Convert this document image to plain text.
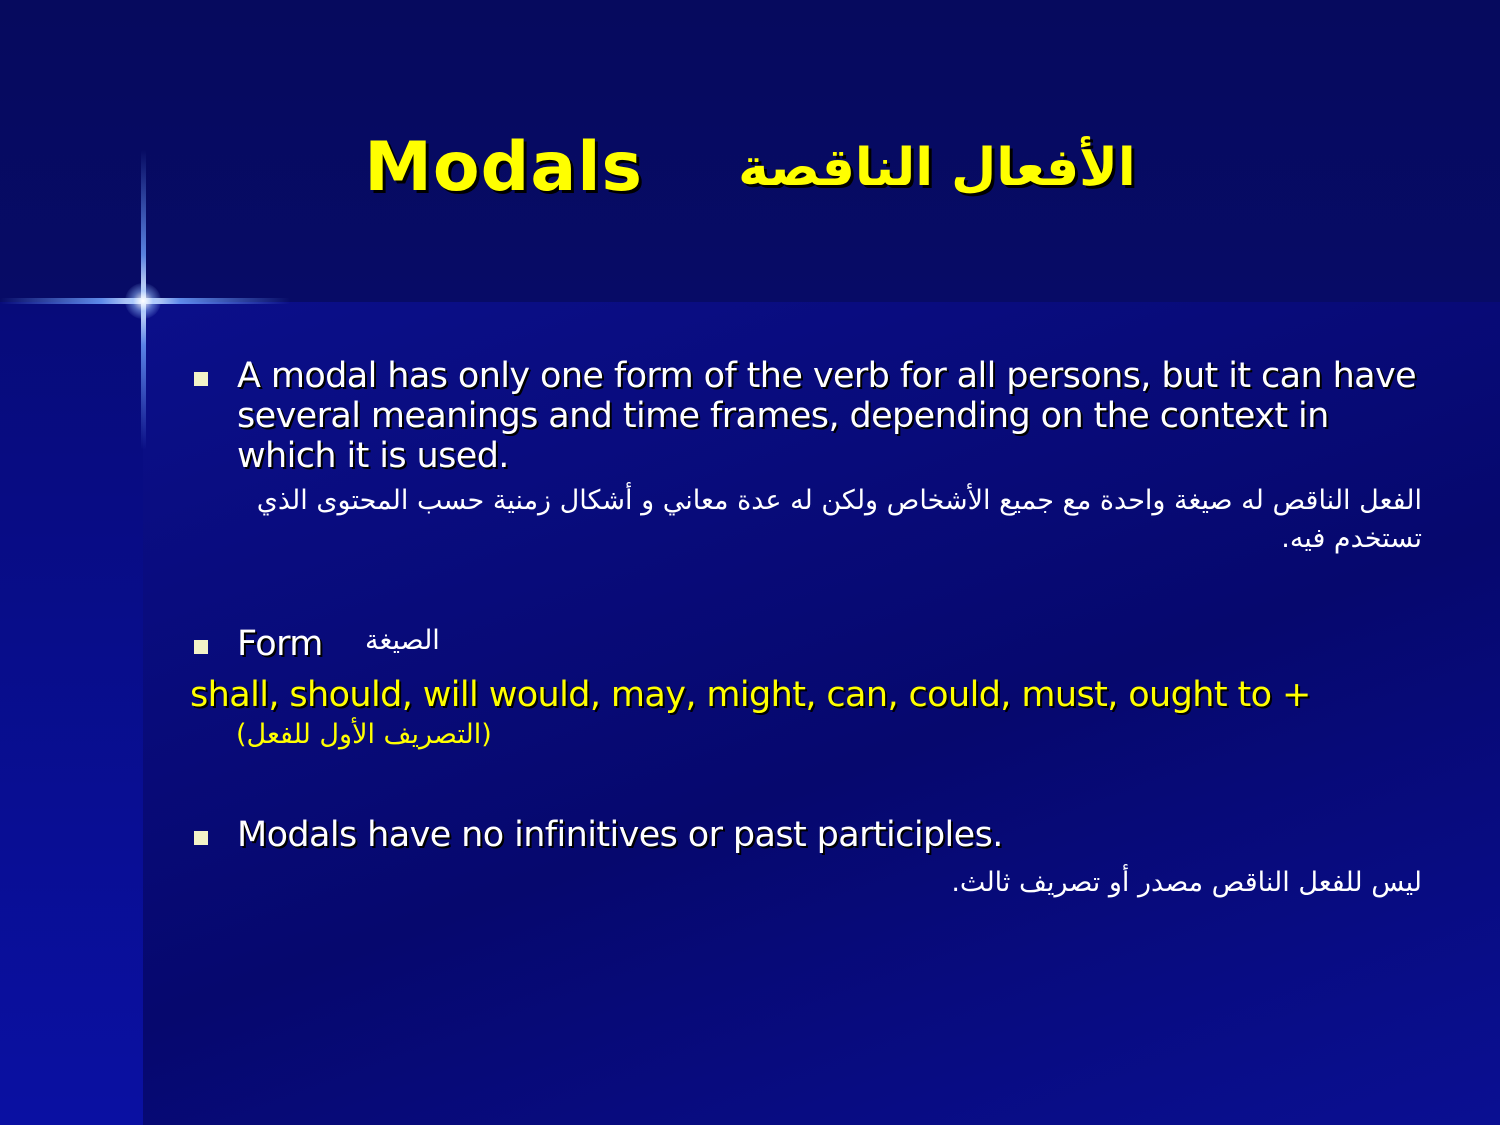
Modals الأفعال الناقصة
A modal has only one form of the verb for all persons, but it can have several meanings and time frames, depending on the context in which it is used.
الفعل الناقص له صيغة واحدة مع جميع الأشخاص ولكن له عدة معاني و أشكال زمنية حسب المحتوى الذي تستخدم فيه.
Form الصيغة
shall, should, will would, may, might, can, could, must, ought to +
(التصريف الأول للفعل)
Modals have no infinitives or past participles.
ليس للفعل الناقص مصدر أو تصريف ثالث.
